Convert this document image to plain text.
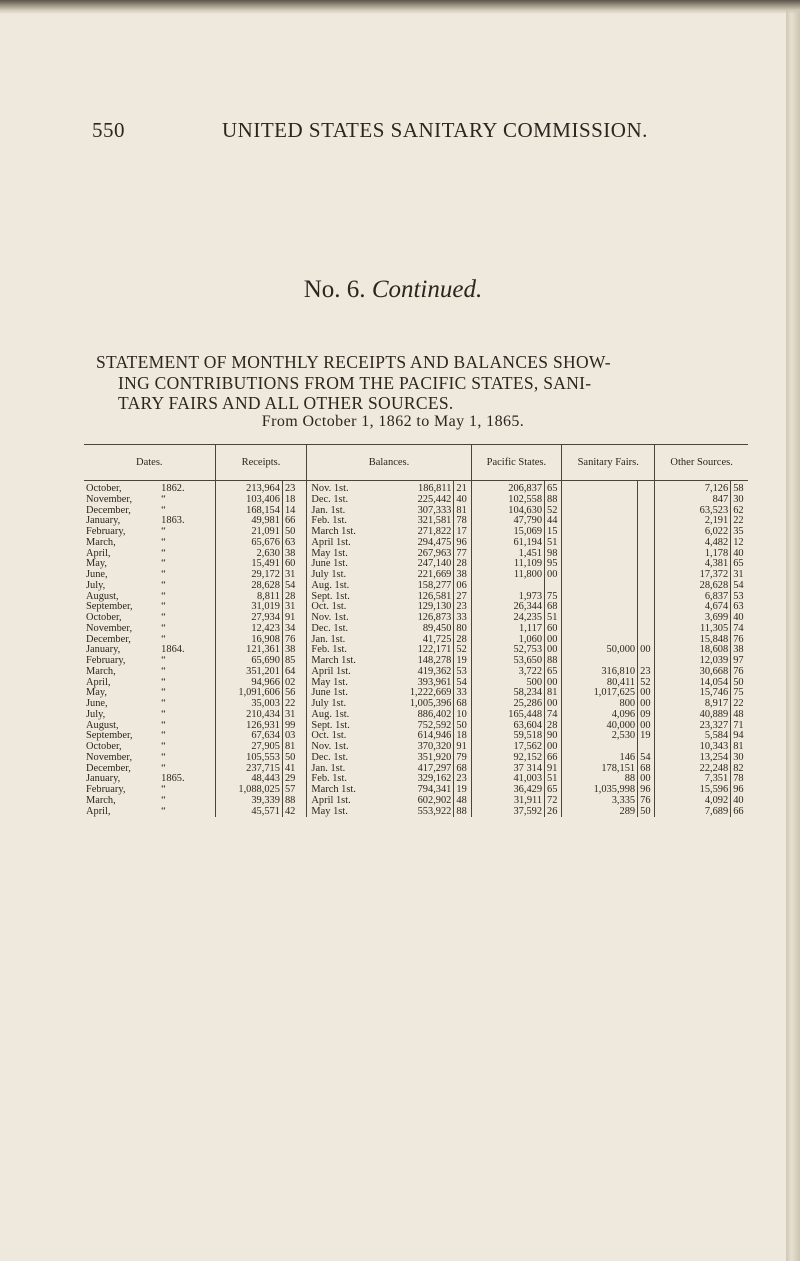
550	UNITED STATES SANITARY COMMISSION.
No. 6. Continued.
STATEMENT OF MONTHLY RECEIPTS AND BALANCES SHOW-

ING CONTRIBUTIONS FROM THE PACIFIC STATES, SANI-
TARY FAIRS AND ALL OTHER SOURCES.
From October 1, 1862 to May 1, 1865.
Dates.			Receipts.			Balances.			Pacific States.		Sanitary Fairs.		Other Sources.	
October,	1862.		213,964	23		Nov. 1st.	186,811	21	206,837	65			7,126	58
November,	“		103,406	18		Dec. 1st.	225,442	40	102,558	88			847	30
December,	“		168,154	14		Jan. 1st.	307,333	81	104,630	52			63,523	62
January,	1863.		49,981	66		Feb. 1st.	321,581	78	47,790	44			2,191	22
February,	“		21,091	50		March 1st.	271,822	17	15,069	15			6,022	35
March,	“		65,676	63		April 1st.	294,475	96	61,194	51			4,482	12
April,	“		2,630	38		May 1st.	267,963	77	1,451	98			1,178	40
May,	“		15,491	60		June 1st.	247,140	28	11,109	95			4,381	65
June,	“		29,172	31		July 1st.	221,669	38	11,800	00			17,372	31
July,	“		28,628	54		Aug. 1st.	158,277	06					28,628	54
August,	“		8,811	28		Sept. 1st.	126,581	27	1,973	75			6,837	53
September,	“		31,019	31		Oct. 1st.	129,130	23	26,344	68			4,674	63
October,	“		27,934	91		Nov. 1st.	126,873	33	24,235	51			3,699	40
November,	“		12,423	34		Dec. 1st.	89,450	80	1,117	60			11,305	74
December,	“		16,908	76		Jan. 1st.	41,725	28	1,060	00			15,848	76
January,	1864.		121,361	38		Feb. 1st.	122,171	52	52,753	00	50,000	00	18,608	38
February,	“		65,690	85		March 1st.	148,278	19	53,650	88			12,039	97
March,	“		351,201	64		April 1st.	419,362	53	3,722	65	316,810	23	30,668	76
April,	“		94,966	02		May 1st.	393,961	54	500	00	80,411	52	14,054	50
May,	“		1,091,606	56		June 1st.	1,222,669	33	58,234	81	1,017,625	00	15,746	75
June,	“		35,003	22		July 1st.	1,005,396	68	25,286	00	800	00	8,917	22
July,	“		210,434	31		Aug. 1st.	886,402	10	165,448	74	4,096	09	40,889	48
August,	“		126,931	99		Sept. 1st.	752,592	50	63,604	28	40,000	00	23,327	71
September,	“		67,634	03		Oct. 1st.	614,946	18	59,518	90	2,530	19	5,584	94
October,	“		27,905	81		Nov. 1st.	370,320	91	17,562	00			10,343	81
November,	“		105,553	50		Dec. 1st.	351,920	79	92,152	66	146	54	13,254	30
December,	“		237,715	41		Jan. 1st.	417,297	68	37 314	91	178,151	68	22,248	82
January,	1865.		48,443	29		Feb. 1st.	329,162	23	41,003	51	88	00	7,351	78
February,	“		1,088,025	57		March 1st.	794,341	19	36,429	65	1,035,998	96	15,596	96
March,	“		39,339	88		April 1st.	602,902	48	31,911	72	3,335	76	4,092	40
April,	“		45,571	42		May 1st.	553,922	88	37,592	26	289	50	7,689	66
